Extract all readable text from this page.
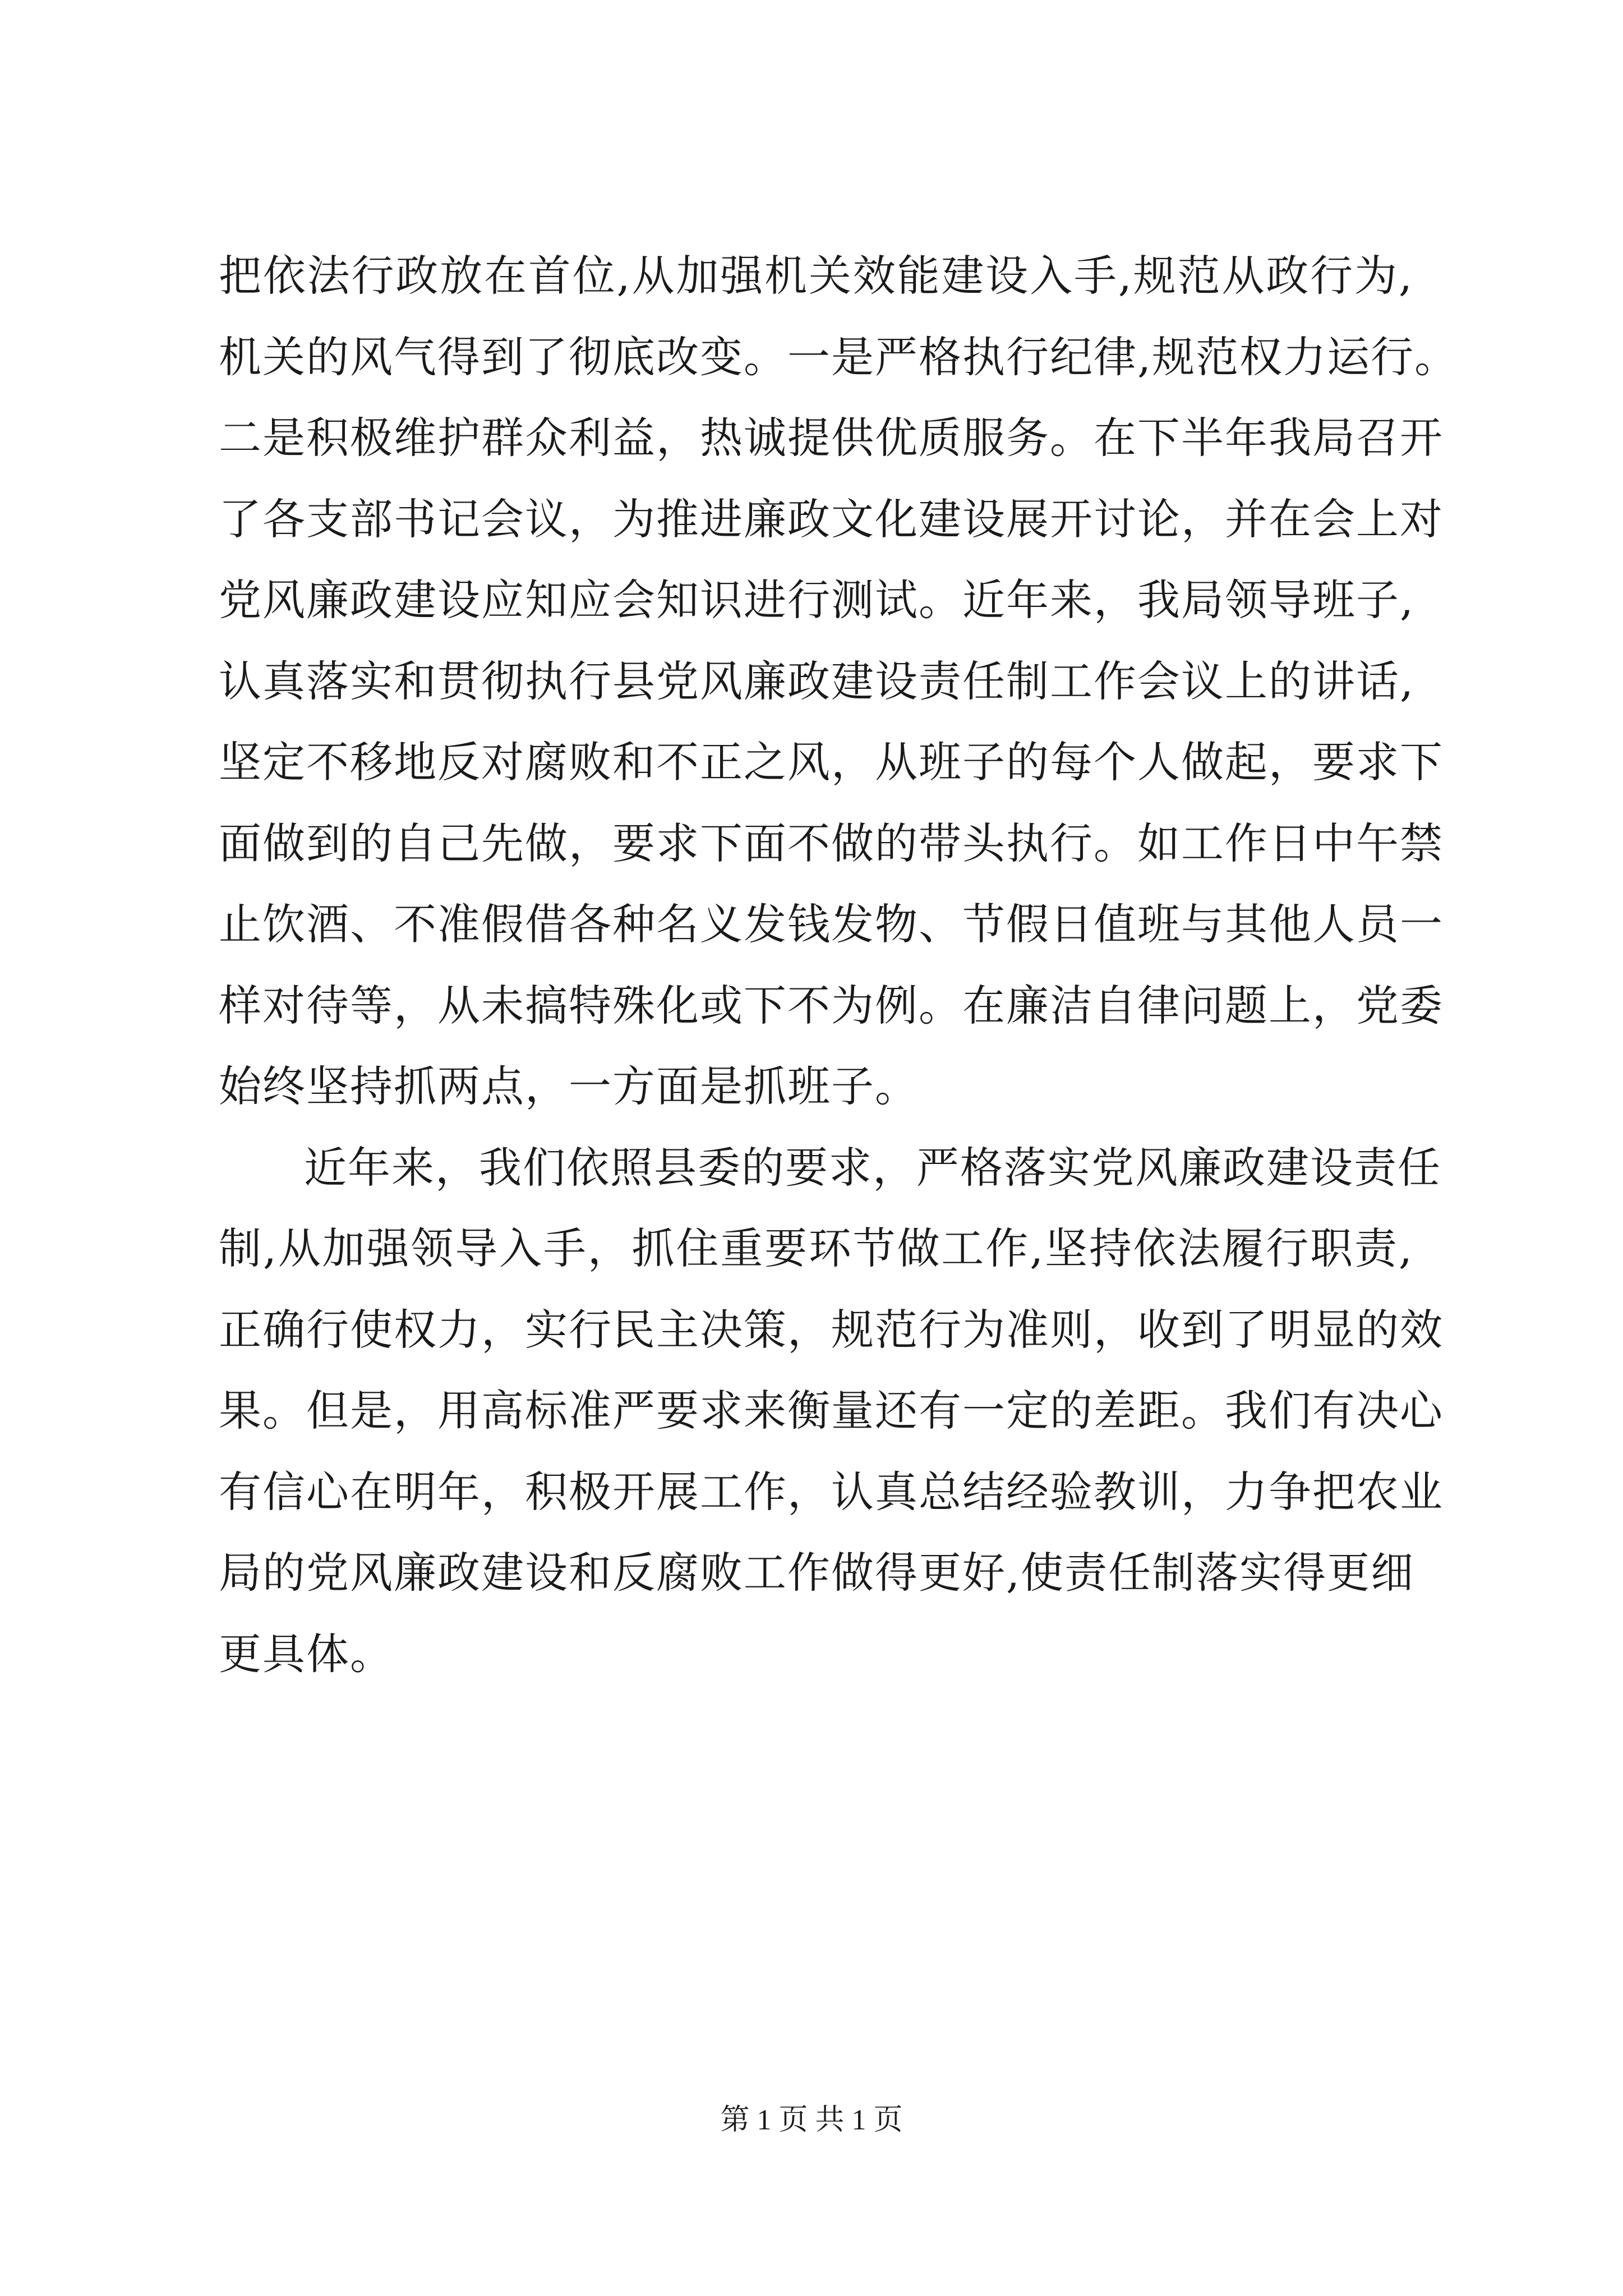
把依法行政放在首位,从加强机关效能建设入手,规范从政行为,
机关的风气得到了彻底改变。一是严格执行纪律,规范权力运行。
二是积极维护群众利益，热诚提供优质服务。在下半年我局召开
了各支部书记会议，为推进廉政文化建设展开讨论，并在会上对
党风廉政建设应知应会知识进行测试。近年来，我局领导班子,
认真落实和贯彻执行县党风廉政建设责任制工作会议上的讲话,
坚定不移地反对腐败和不正之风，从班子的每个人做起，要求下
面做到的自己先做，要求下面不做的带头执行。如工作日中午禁
止饮酒、不准假借各种名义发钱发物、节假日值班与其他人员一
样对待等，从未搞特殊化或下不为例。在廉洁自律问题上，党委
始终坚持抓两点，一方面是抓班子。

近年来，我们依照县委的要求，严格落实党风廉政建设责任
制,从加强领导入手，抓住重要环节做工作,坚持依法履行职责,
正确行使权力，实行民主决策，规范行为准则，收到了明显的效
果。但是，用高标准严要求来衡量还有一定的差距。我们有决心
有信心在明年，积极开展工作，认真总结经验教训，力争把农业
局的党风廉政建设和反腐败工作做得更好,使责任制落实得更细
更具体。

第 1 页 共 1 页
